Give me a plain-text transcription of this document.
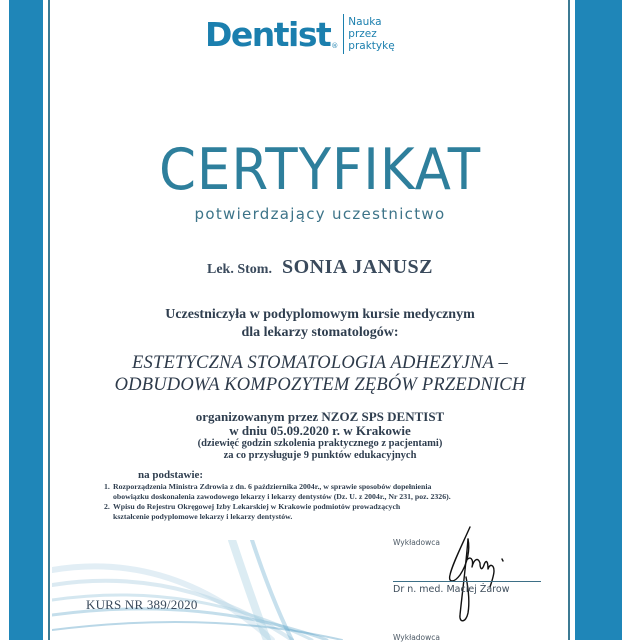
Dentist ®
Nauka
przez
praktykę
CERTYFIKAT
potwierdzający uczestnictwo
Lek. Stom. SONIA JANUSZ
Uczestniczyła w podyplomowym kursie medycznym
dla lekarzy stomatologów:
ESTETYCZNA STOMATOLOGIA ADHEZYJNA –
ODBUDOWA KOMPOZYTEM ZĘBÓW PRZEDNICH
organizowanym przez NZOZ SPS DENTIST
w dniu 05.09.2020 r. w Krakowie
(dziewięć godzin szkolenia praktycznego z pacjentami)
za co przysługuje 9 punktów edukacyjnych
na podstawie:
1. Rozporządzenia Ministra Zdrowia z dn. 6 października 2004r., w sprawie sposobów dopełnienia
obowiązku doskonalenia zawodowego lekarzy i lekarzy dentystów (Dz. U. z 2004r., Nr 231, poz. 2326).
2. Wpisu do Rejestru Okręgowej Izby Lekarskiej w Krakowie podmiotów prowadzących
kształcenie podyplomowe lekarzy i lekarzy dentystów.
KURS NR 389/2020
Wykładowca
Dr n. med. Maciej Żarow
Wykładowca
